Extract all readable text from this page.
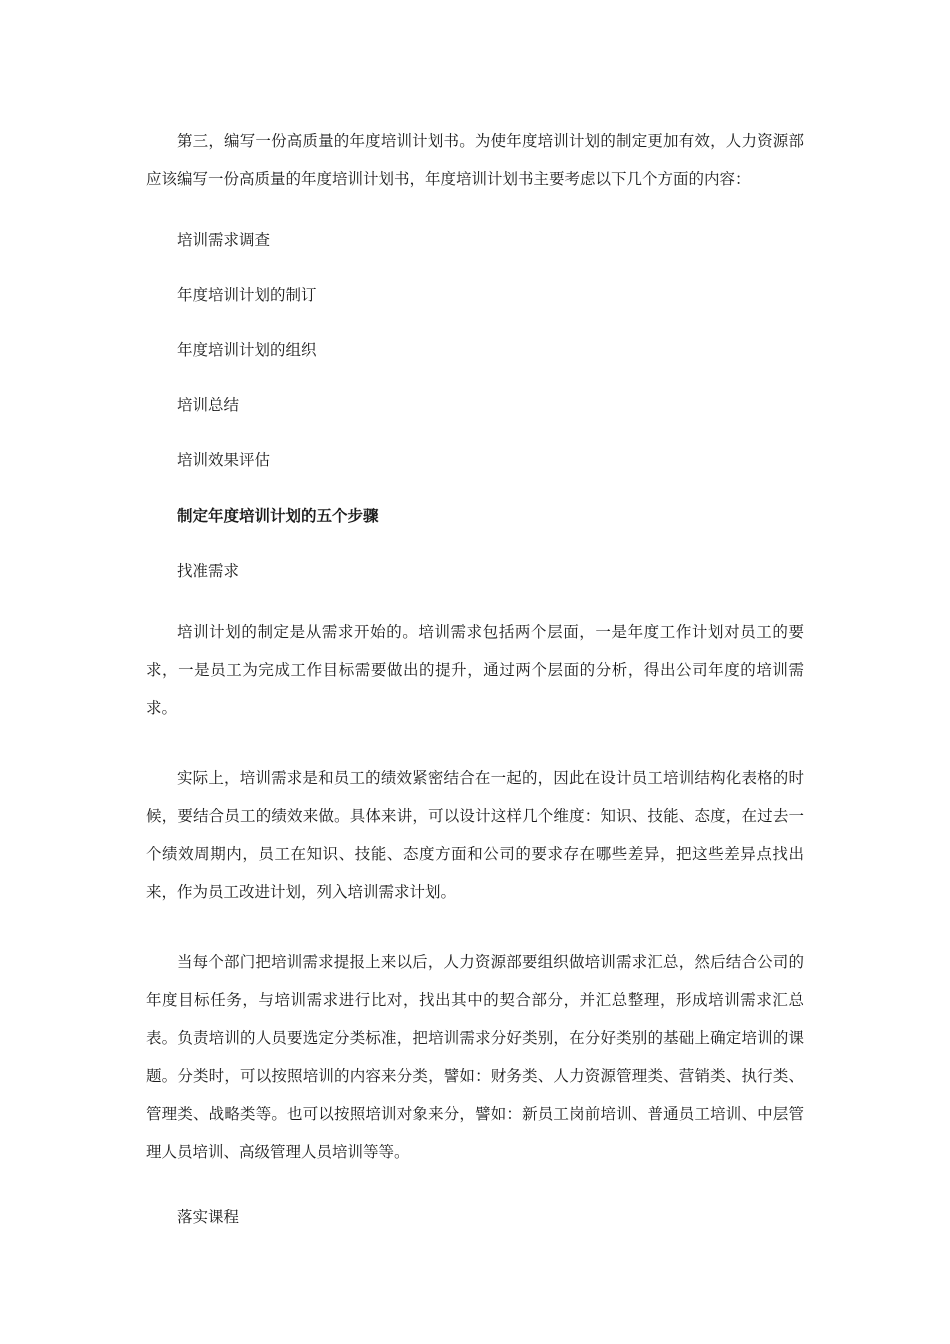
第三，编写一份高质量的年度培训计划书。为使年度培训计划的制定更加有效，人力资源部应该编写一份高质量的年度培训计划书，年度培训计划书主要考虑以下几个方面的内容：

培训需求调查

年度培训计划的制订

年度培训计划的组织

培训总结

培训效果评估

制定年度培训计划的五个步骤

找准需求

培训计划的制定是从需求开始的。培训需求包括两个层面，一是年度工作计划对员工的要求，一是员工为完成工作目标需要做出的提升，通过两个层面的分析，得出公司年度的培训需求。

实际上，培训需求是和员工的绩效紧密结合在一起的，因此在设计员工培训结构化表格的时候，要结合员工的绩效来做。具体来讲，可以设计这样几个维度：知识、技能、态度，在过去一个绩效周期内，员工在知识、技能、态度方面和公司的要求存在哪些差异，把这些差异点找出来，作为员工改进计划，列入培训需求计划。

当每个部门把培训需求提报上来以后，人力资源部要组织做培训需求汇总，然后结合公司的年度目标任务，与培训需求进行比对，找出其中的契合部分，并汇总整理，形成培训需求汇总表。负责培训的人员要选定分类标准，把培训需求分好类别，在分好类别的基础上确定培训的课题。分类时，可以按照培训的内容来分类，譬如：财务类、人力资源管理类、营销类、执行类、管理类、战略类等。也可以按照培训对象来分，譬如：新员工岗前培训、普通员工培训、中层管理人员培训、高级管理人员培训等等。

落实课程
